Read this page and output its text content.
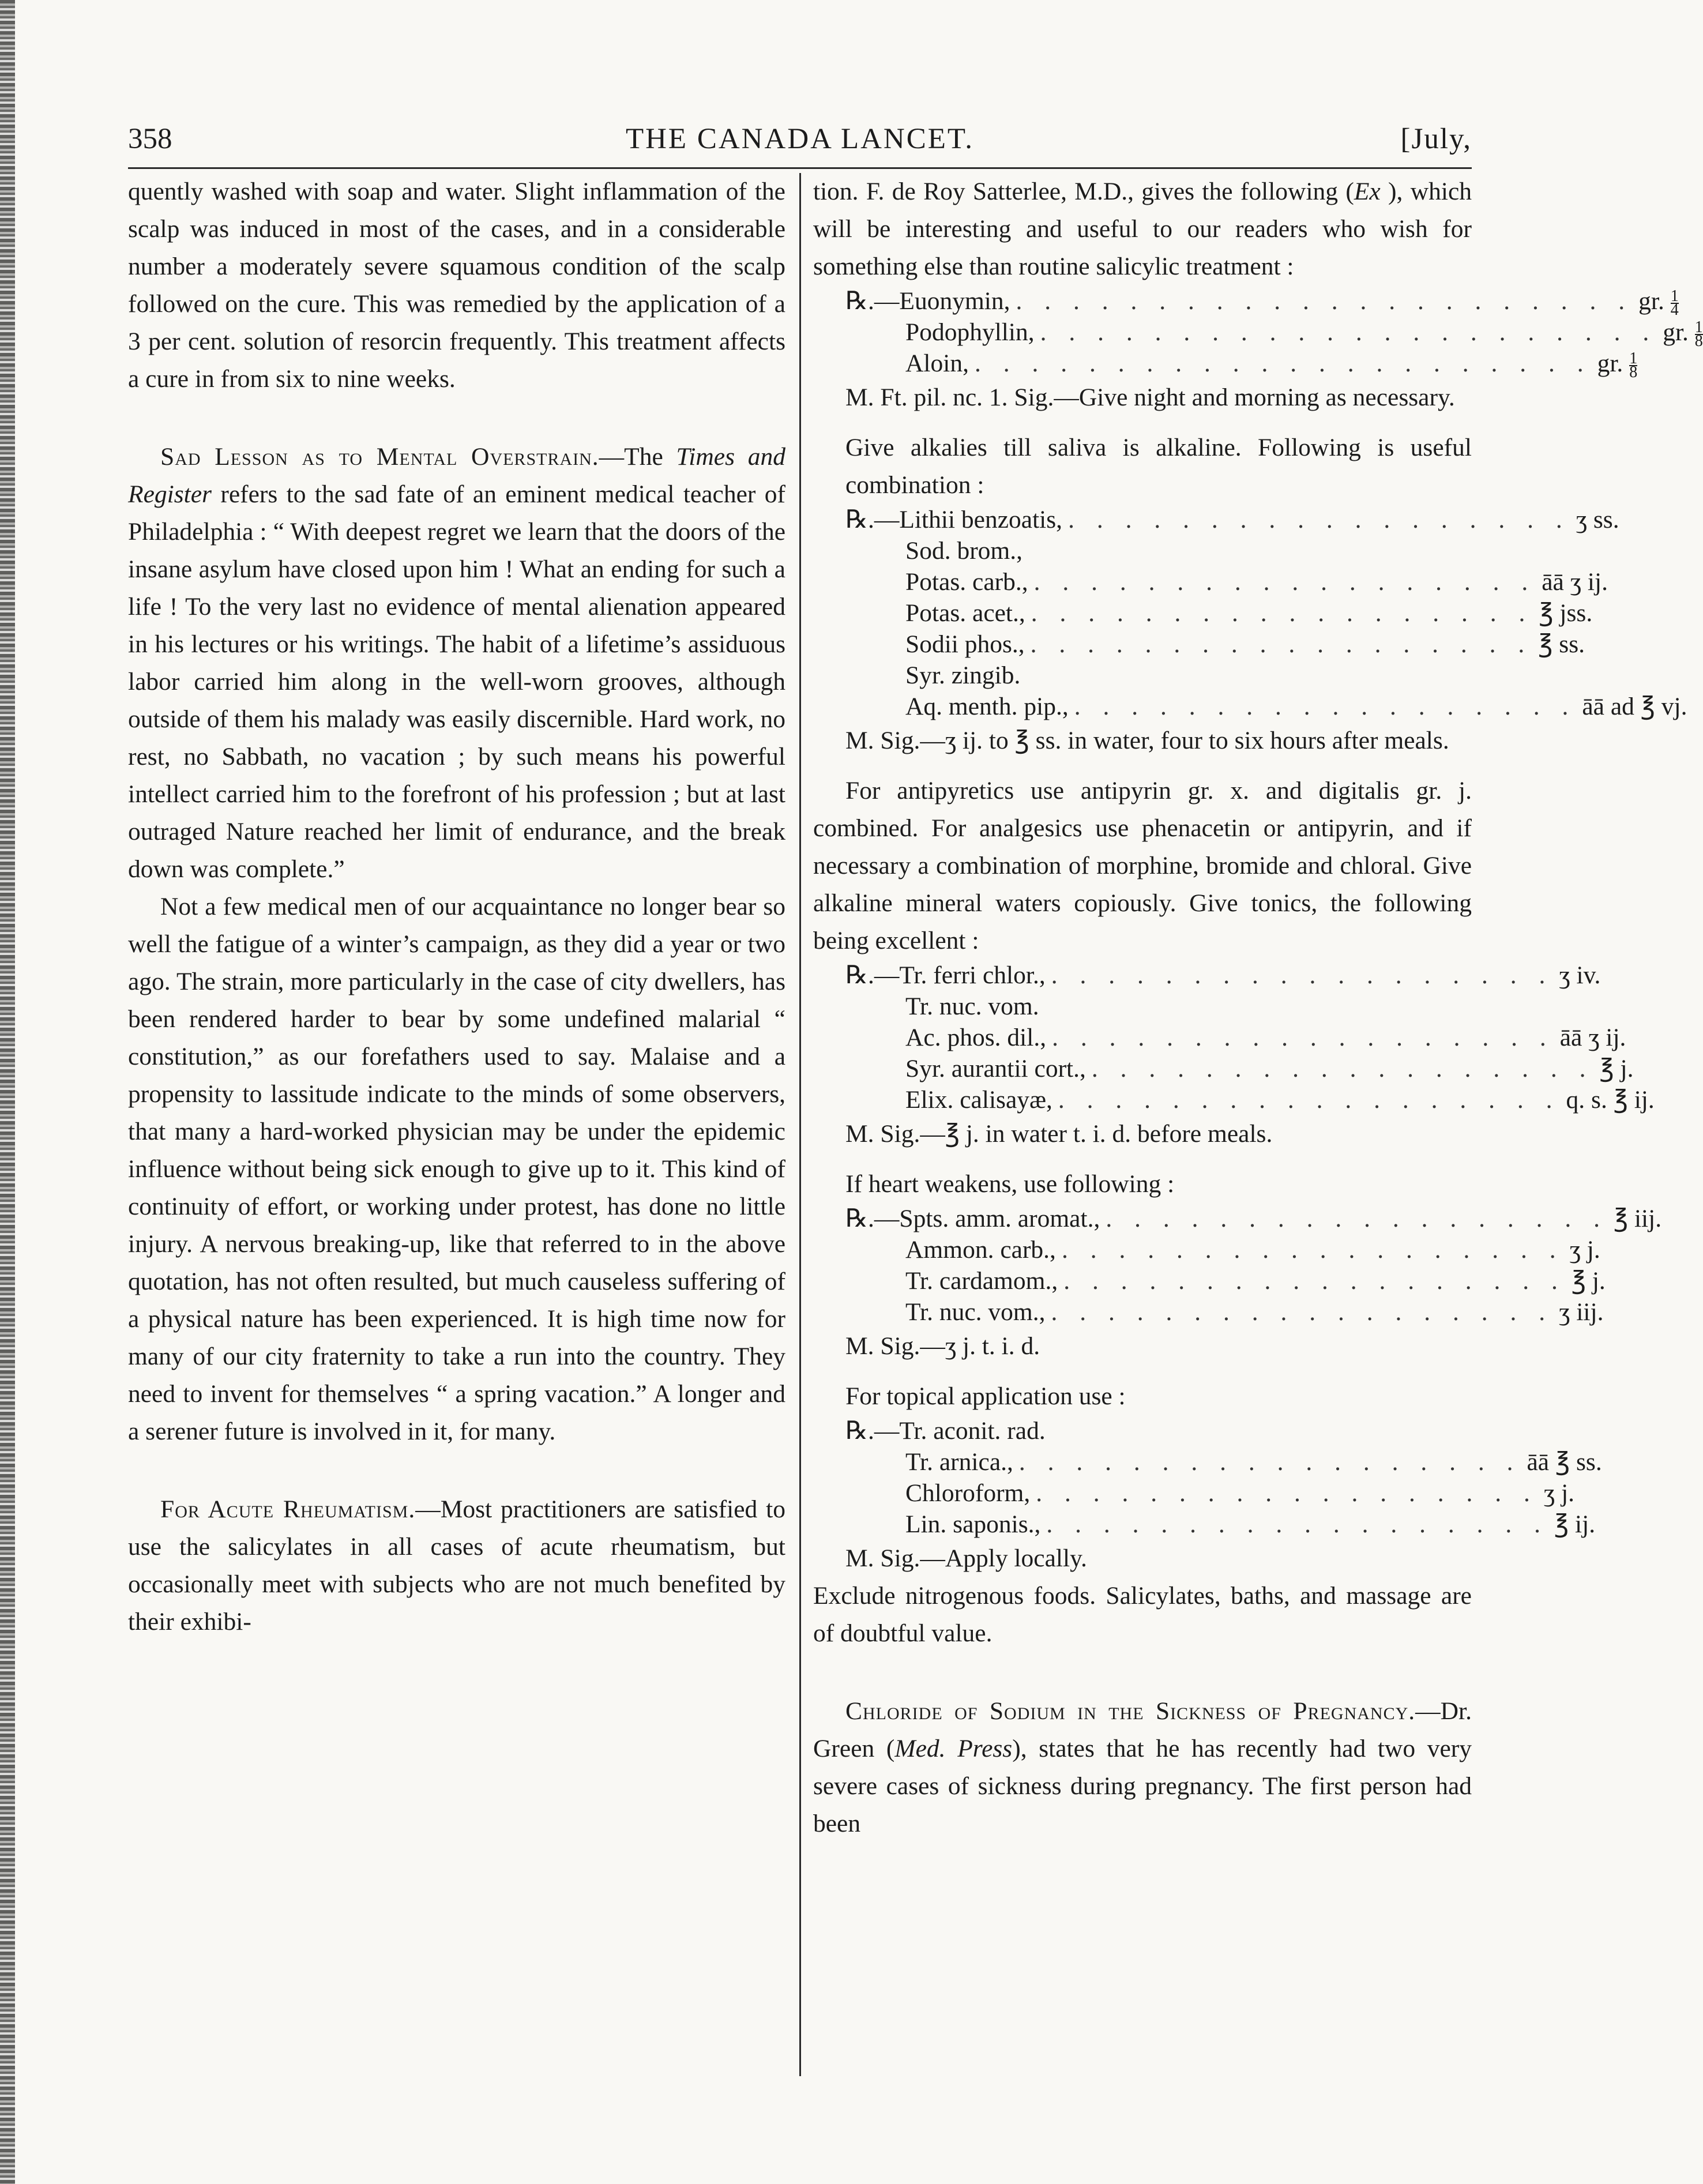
358	THE CANADA LANCET.	[July,

quently washed with soap and water. Slight inflammation of the scalp was induced in most of the cases, and in a considerable number a moderately severe squamous condition of the scalp followed on the cure. This was remedied by the application of a 3 per cent. solution of resorcin frequently. This treatment affects a cure in from six to nine weeks.

Sad Lesson as to Mental Overstrain.—The Times and Register refers to the sad fate of an eminent medical teacher of Philadelphia : “ With deepest regret we learn that the doors of the insane asylum have closed upon him ! What an ending for such a life ! To the very last no evidence of mental alienation appeared in his lectures or his writings. The habit of a lifetime’s assiduous labor carried him along in the well-worn grooves, although outside of them his malady was easily discernible. Hard work, no rest, no Sabbath, no vacation ; by such means his powerful intellect carried him to the forefront of his profession ; but at last outraged Nature reached her limit of endurance, and the break down was complete.”

Not a few medical men of our acquaintance no longer bear so well the fatigue of a winter’s campaign, as they did a year or two ago. The strain, more particularly in the case of city dwellers, has been rendered harder to bear by some undefined malarial “ constitution,” as our forefathers used to say. Malaise and a propensity to lassitude indicate to the minds of some observers, that many a hard-worked physician may be under the epidemic influence without being sick enough to give up to it. This kind of continuity of effort, or working under protest, has done no little injury. A nervous breaking-up, like that referred to in the above quotation, has not often resulted, but much causeless suffering of a physical nature has been experienced. It is high time now for many of our city fraternity to take a run into the country. They need to invent for themselves “ a spring vacation.” A longer and a serener future is involved in it, for many.

For Acute Rheumatism.—Most practitioners are satisfied to use the salicylates in all cases of acute rheumatism, but occasionally meet with subjects who are not much benefited by their exhibi-

tion. F. de Roy Satterlee, M.D., gives the following (Ex ), which will be interesting and useful to our readers who wish for something else than routine salicylic treatment :

℞.—Euonymin, . . . . . . . . . . . . . . . . . . . . . . gr. $\frac{1}{4}$
Podophyllin, . . . . . . . . . . . . . . . . . . . . . . gr. $\frac{1}{8}$
Aloin, . . . . . . . . . . . . . . . . . . . . . . gr. $\frac{1}{8}$

M. Ft. pil. nc. 1. Sig.—Give night and morning as necessary.

Give alkalies till saliva is alkaline. Following is useful combination :

℞.—Lithii benzoatis, . . . . . . . . . . . . . . . . . . ʒ ss.
Sod. brom.,
Potas. carb., . . . . . . . . . . . . . . . . . . āā ʒ ij.
Potas. acet., . . . . . . . . . . . . . . . . . . ℥ jss.
Sodii phos., . . . . . . . . . . . . . . . . . . ℥ ss.
Syr. zingib.
Aq. menth. pip., . . . . . . . . . . . . . . . . . . āā ad ℥ vj.

M. Sig.—ʒ ij. to ℥ ss. in water, four to six hours after meals.

For antipyretics use antipyrin gr. x. and digitalis gr. j. combined. For analgesics use phenacetin or antipyrin, and if necessary a combination of morphine, bromide and chloral. Give alkaline mineral waters copiously. Give tonics, the following being excellent :

℞.—Tr. ferri chlor., . . . . . . . . . . . . . . . . . . ʒ iv.
Tr. nuc. vom.
Ac. phos. dil., . . . . . . . . . . . . . . . . . . āā ʒ ij.
Syr. aurantii cort., . . . . . . . . . . . . . . . . . . ℥ j.
Elix. calisayæ, . . . . . . . . . . . . . . . . . . q. s. ℥ ij.

M. Sig.—℥ j. in water t. i. d. before meals.

If heart weakens, use following :

℞.—Spts. amm. aromat., . . . . . . . . . . . . . . . . . . ℥ iij.
Ammon. carb., . . . . . . . . . . . . . . . . . . ʒ j.
Tr. cardamom., . . . . . . . . . . . . . . . . . . ℥ j.
Tr. nuc. vom., . . . . . . . . . . . . . . . . . . ʒ iij.

M. Sig.—ʒ j. t. i. d.

For topical application use :

℞.—Tr. aconit. rad.
Tr. arnica., . . . . . . . . . . . . . . . . . . āā ℥ ss.
Chloroform, . . . . . . . . . . . . . . . . . . ʒ j.
Lin. saponis., . . . . . . . . . . . . . . . . . . ℥ ij.

M. Sig.—Apply locally.

Exclude nitrogenous foods. Salicylates, baths, and massage are of doubtful value.

Chloride of Sodium in the Sickness of Pregnancy.—Dr. Green (Med. Press), states that he has recently had two very severe cases of sickness during pregnancy. The first person had been
